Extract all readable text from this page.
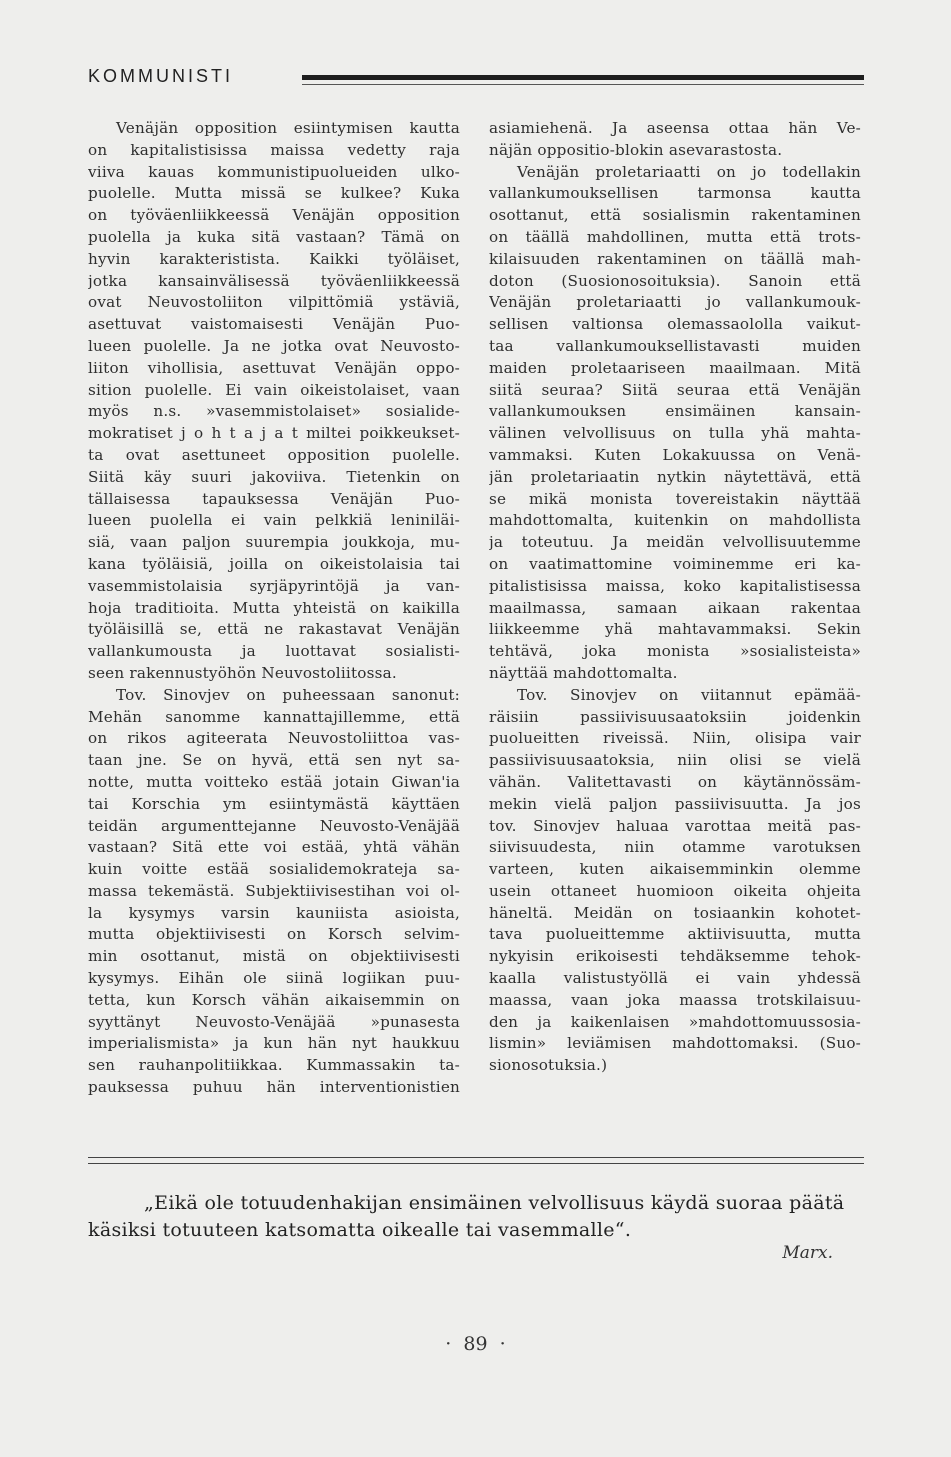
KOMMUNISTI
Venäjän opposition esiintymisen kautta
on kapitalistisissa maissa vedetty raja
viiva kauas kommunistipuolueiden ulko-
puolelle. Mutta missä se kulkee? Kuka
on työväenliikkeessä Venäjän opposition
puolella ja kuka sitä vastaan? Tämä on
hyvin karakteristista. Kaikki työläiset,
jotka kansainvälisessä työväenliikkeessä
ovat Neuvostoliiton vilpittömiä ystäviä,
asettuvat vaistomaisesti Venäjän Puo-
lueen puolelle. Ja ne jotka ovat Neuvosto-
liiton vihollisia, asettuvat Venäjän oppo-
sition puolelle. Ei vain oikeistolaiset, vaan
myös n.s. »vasemmistolaiset» sosialide-
mokratiset j o h t a j a t miltei poikkeukset-
ta ovat asettuneet opposition puolelle.
Siitä käy suuri jakoviiva. Tietenkin on
tällaisessa tapauksessa Venäjän Puo-
lueen puolella ei vain pelkkiä leniniläi-
siä, vaan paljon suurempia joukkoja, mu-
kana työläisiä, joilla on oikeistolaisia tai
vasemmistolaisia syrjäpyrintöjä ja van-
hoja traditioita. Mutta yhteistä on kaikilla
työläisillä se, että ne rakastavat Venäjän
vallankumousta ja luottavat sosialisti-
seen rakennustyöhön Neuvostoliitossa.
Tov. Sinovjev on puheessaan sanonut:
Mehän sanomme kannattajillemme, että
on rikos agiteerata Neuvostoliittoa vas-
taan jne. Se on hyvä, että sen nyt sa-
notte, mutta voitteko estää jotain Giwan'ia
tai Korschia ym esiintymästä käyttäen
teidän argumenttejanne Neuvosto-Venäjää
vastaan? Sitä ette voi estää, yhtä vähän
kuin voitte estää sosialidemokrateja sa-
massa tekemästä. Subjektiivisestihan voi ol-
la kysymys varsin kauniista asioista,
mutta objektiivisesti on Korsch selvim-
min osottanut, mistä on objektiivisesti
kysymys. Eihän ole siinä logiikan puu-
tetta, kun Korsch vähän aikaisemmin on
syyttänyt Neuvosto-Venäjää »punasesta
imperialismista» ja kun hän nyt haukkuu
sen rauhanpolitiikkaa. Kummassakin ta-
pauksessa puhuu hän interventionistien
asiamiehenä. Ja aseensa ottaa hän Ve-
näjän oppositio-blokin asevarastosta.
Venäjän proletariaatti on jo todellakin
vallankumouksellisen tarmonsa kautta
osottanut, että sosialismin rakentaminen
on täällä mahdollinen, mutta että trots-
kilaisuuden rakentaminen on täällä mah-
doton (Suosionosoituksia). Sanoin että
Venäjän proletariaatti jo vallankumouk-
sellisen valtionsa olemassaololla vaikut-
taa vallankumouksellistavasti muiden
maiden proletaariseen maailmaan. Mitä
siitä seuraa? Siitä seuraa että Venäjän
vallankumouksen ensimäinen kansain-
välinen velvollisuus on tulla yhä mahta-
vammaksi. Kuten Lokakuussa on Venä-
jän proletariaatin nytkin näytettävä, että
se mikä monista tovereistakin näyttää
mahdottomalta, kuitenkin on mahdollista
ja toteutuu. Ja meidän velvollisuutemme
on vaatimattomine voiminemme eri ka-
pitalistisissa maissa, koko kapitalistisessa
maailmassa, samaan aikaan rakentaa
liikkeemme yhä mahtavammaksi. Sekin
tehtävä, joka monista »sosialisteista»
näyttää mahdottomalta.
Tov. Sinovjev on viitannut epämää-
räisiin passiivisuusaatoksiin joidenkin
puolueitten riveissä. Niin, olisipa vair
passiivisuusaatoksia, niin olisi se vielä
vähän. Valitettavasti on käytännössäm-
mekin vielä paljon passiivisuutta. Ja jos
tov. Sinovjev haluaa varottaa meitä pas-
siivisuudesta, niin otamme varotuksen
varteen, kuten aikaisemminkin olemme
usein ottaneet huomioon oikeita ohjeita
häneltä. Meidän on tosiaankin kohotet-
tava puolueittemme aktiivisuutta, mutta
nykyisin erikoisesti tehdäksemme tehok-
kaalla valistustyöllä ei vain yhdessä
maassa, vaan joka maassa trotskilaisuu-
den ja kaikenlaisen »mahdottomuussosia-
lismin» leviämisen mahdottomaksi. (Suo-
sionosotuksia.)
„Eikä ole totuudenhakijan ensimäinen velvollisuus käydä suoraa päätä
käsiksi totuuteen katsomatta oikealle tai vasemmalle“.
Marx.
·  89  ·
